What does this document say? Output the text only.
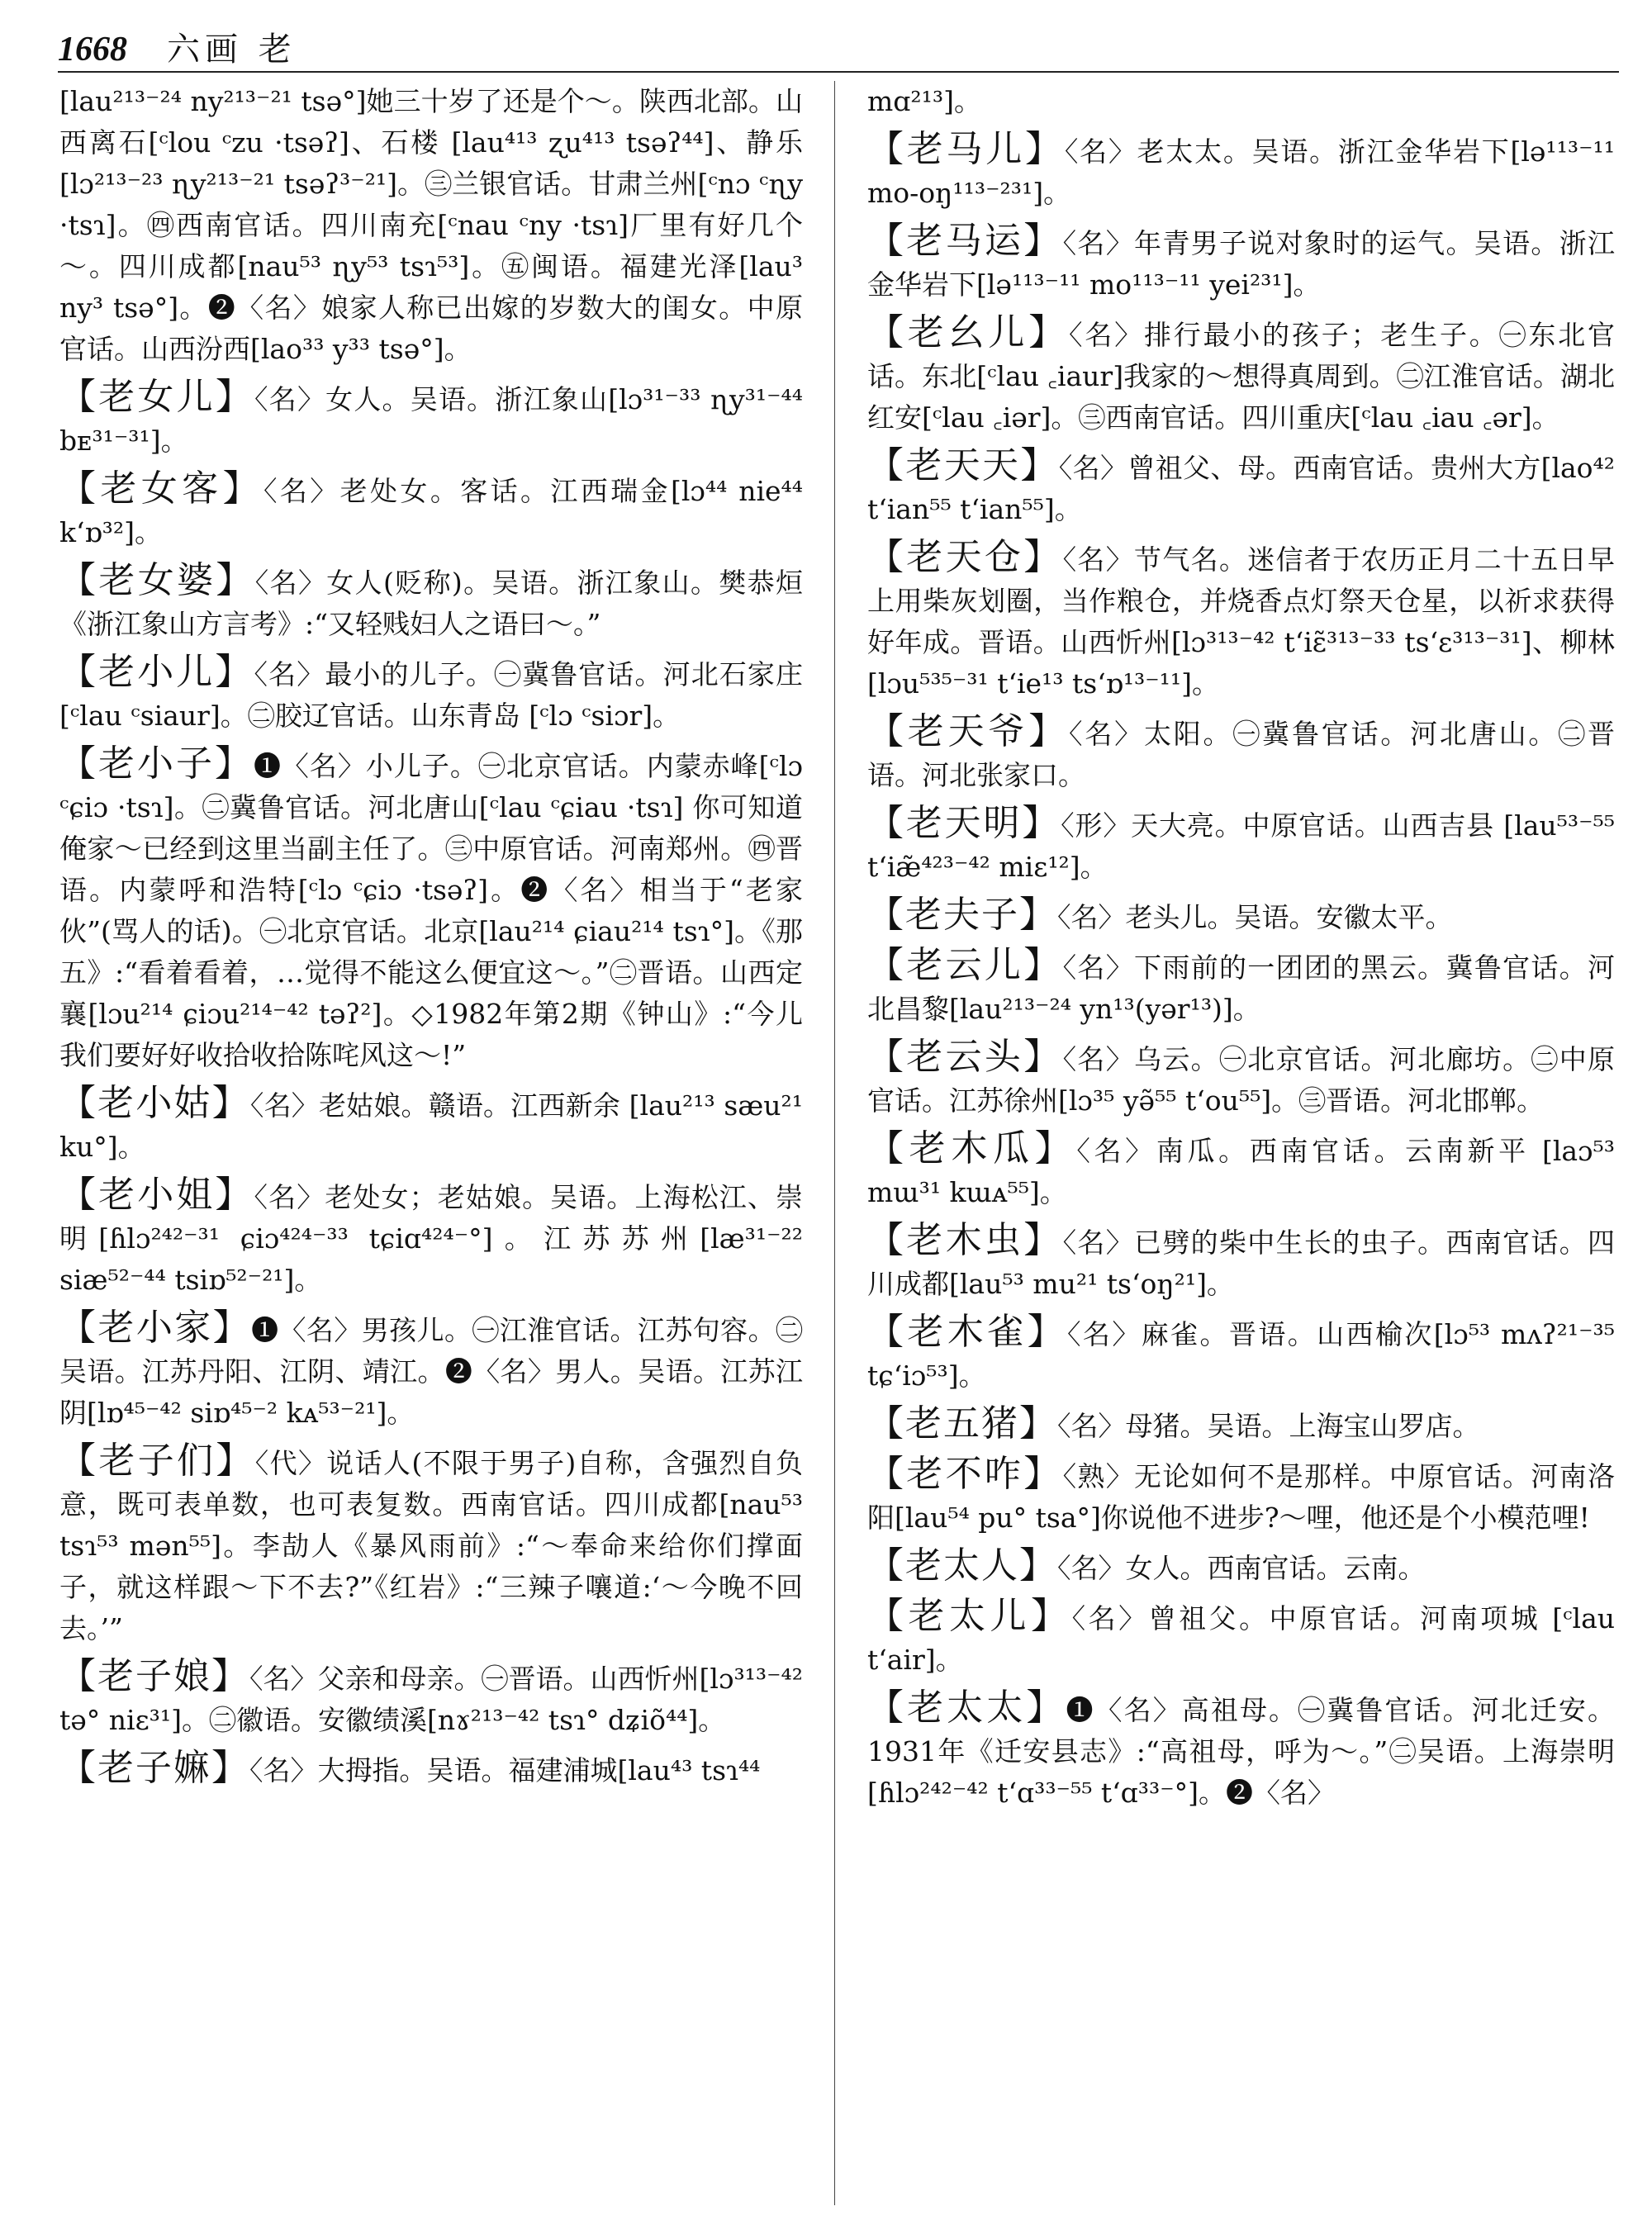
1668 六画 老
[lau²¹³⁻²⁴ ny²¹³⁻²¹ tsə°]她三十岁了还是个～。陕西北部。山西离石[ᶜlou ᶜzu ·tsəʔ]、石楼 [lau⁴¹³ ʐu⁴¹³ tsəʔ⁴⁴]、静乐 [lɔ²¹³⁻²³ ɳy²¹³⁻²¹ tsəʔ³⁻²¹]。㊂兰银官话。甘肃兰州[ᶜnɔ ᶜɳy ·tsɿ]。㊃西南官话。四川南充[ᶜnau ᶜny ·tsɿ]厂里有好几个～。四川成都[nau⁵³ ɳy⁵³ tsɿ⁵³]。㊄闽语。福建光泽[lau³ ny³ tsə°]。❷〈名〉娘家人称已出嫁的岁数大的闺女。中原官话。山西汾西[lao³³ y³³ tsə°]。
【老女儿】〈名〉女人。吴语。浙江象山[lɔ³¹⁻³³ ɳy³¹⁻⁴⁴ bᴇ³¹⁻³¹]。
【老女客】〈名〉老处女。客话。江西瑞金[lɔ⁴⁴ nie⁴⁴ k‘ɒ³²]。
【老女婆】〈名〉女人(贬称)。吴语。浙江象山。樊恭烜《浙江象山方言考》:“又轻贱妇人之语曰～。”
【老小儿】〈名〉最小的儿子。㊀冀鲁官话。河北石家庄 [ᶜlau ᶜsiaur]。㊁胶辽官话。山东青岛 [ᶜlɔ ᶜsiɔr]。
【老小子】❶〈名〉小儿子。㊀北京官话。内蒙赤峰[ᶜlɔ ᶜɕiɔ ·tsɿ]。㊁冀鲁官话。河北唐山[ᶜlau ᶜɕiau ·tsɿ] 你可知道俺家～已经到这里当副主任了。㊂中原官话。河南郑州。㊃晋语。内蒙呼和浩特[ᶜlɔ ᶜɕiɔ ·tsəʔ]。❷〈名〉相当于“老家伙”(骂人的话)。㊀北京官话。北京[lau²¹⁴ ɕiau²¹⁴ tsɿ°]。《那五》:“看着看着，…觉得不能这么便宜这～。”㊁晋语。山西定襄[lɔu²¹⁴ ɕiɔu²¹⁴⁻⁴² təʔ²]。◇1982年第2期《钟山》:“今儿我们要好好收拾收拾陈咤风这～!”
【老小姑】〈名〉老姑娘。赣语。江西新余 [lau²¹³ sæu²¹ ku°]。
【老小姐】〈名〉老处女；老姑娘。吴语。上海松江、崇明[ɦlɔ²⁴²⁻³¹ ɕiɔ⁴²⁴⁻³³ tɕiɑ⁴²⁴⁻°]。江苏苏州[læ³¹⁻²² siæ⁵²⁻⁴⁴ tsiɒ⁵²⁻²¹]。
【老小家】❶〈名〉男孩儿。㊀江淮官话。江苏句容。㊁吴语。江苏丹阳、江阴、靖江。❷〈名〉男人。吴语。江苏江阴[lɒ⁴⁵⁻⁴² siɒ⁴⁵⁻² kᴀ⁵³⁻²¹]。
【老子们】〈代〉说话人(不限于男子)自称，含强烈自负意，既可表单数，也可表复数。西南官话。四川成都[nau⁵³ tsɿ⁵³ mən⁵⁵]。李劼人《暴风雨前》:“～奉命来给你们撑面子，就这样跟～下不去?”《红岩》:“三辣子嚷道:‘～今晚不回去。’”
【老子娘】〈名〉父亲和母亲。㊀晋语。山西忻州[lɔ³¹³⁻⁴² tə° niɛ³¹]。㊁徽语。安徽绩溪[nɤ²¹³⁻⁴² tsɿ° dʑiõ⁴⁴]。
【老子嫲】〈名〉大拇指。吴语。福建浦城[lau⁴³ tsɿ⁴⁴
mɑ²¹³]。
【老马儿】〈名〉老太太。吴语。浙江金华岩下[lə¹¹³⁻¹¹ mo-oŋ¹¹³⁻²³¹]。
【老马运】〈名〉年青男子说对象时的运气。吴语。浙江金华岩下[lə¹¹³⁻¹¹ mo¹¹³⁻¹¹ yei²³¹]。
【老幺儿】〈名〉排行最小的孩子；老生子。㊀东北官话。东北[ᶜlau ꜀iaur]我家的～想得真周到。㊁江淮官话。湖北红安[ᶜlau ꜀iər]。㊂西南官话。四川重庆[ᶜlau ꜀iau ꜀ər]。
【老天天】〈名〉曾祖父、母。西南官话。贵州大方[lao⁴² t‘ian⁵⁵ t‘ian⁵⁵]。
【老天仓】〈名〉节气名。迷信者于农历正月二十五日早上用柴灰划圈，当作粮仓，并烧香点灯祭天仓星，以祈求获得好年成。晋语。山西忻州[lɔ³¹³⁻⁴² t‘iɛ̃³¹³⁻³³ ts‘ɛ³¹³⁻³¹]、柳林[lɔu⁵³⁵⁻³¹ t‘ie¹³ ts‘ɒ¹³⁻¹¹]。
【老天爷】〈名〉太阳。㊀冀鲁官话。河北唐山。㊁晋语。河北张家口。
【老天明】〈形〉天大亮。中原官话。山西吉县 [lau⁵³⁻⁵⁵ t‘iæ̃⁴²³⁻⁴² miɛ¹²]。
【老夫子】〈名〉老头儿。吴语。安徽太平。
【老云儿】〈名〉下雨前的一团团的黑云。冀鲁官话。河北昌黎[lau²¹³⁻²⁴ yn¹³(yər¹³)]。
【老云头】〈名〉乌云。㊀北京官话。河北廊坊。㊁中原官话。江苏徐州[lɔ³⁵ yə̃⁵⁵ t‘ou⁵⁵]。㊂晋语。河北邯郸。
【老木瓜】〈名〉南瓜。西南官话。云南新平 [laɔ⁵³ mɯ³¹ kɯᴀ⁵⁵]。
【老木虫】〈名〉已劈的柴中生长的虫子。西南官话。四川成都[lau⁵³ mu²¹ ts‘oŋ²¹]。
【老木雀】〈名〉麻雀。晋语。山西榆次[lɔ⁵³ mʌʔ²¹⁻³⁵ tɕ‘iɔ⁵³]。
【老五猪】〈名〉母猪。吴语。上海宝山罗店。
【老不咋】〈熟〉无论如何不是那样。中原官话。河南洛阳[lau⁵⁴ pu° tsa°]你说他不进步?～哩，他还是个小模范哩!
【老太人】〈名〉女人。西南官话。云南。
【老太儿】〈名〉曾祖父。中原官话。河南项城 [ᶜlau t‘air]。
【老太太】❶〈名〉高祖母。㊀冀鲁官话。河北迁安。1931年《迁安县志》:“高祖母，呼为～。”㊁吴语。上海崇明[ɦlɔ²⁴²⁻⁴² t‘ɑ³³⁻⁵⁵ t‘ɑ³³⁻°]。❷〈名〉
